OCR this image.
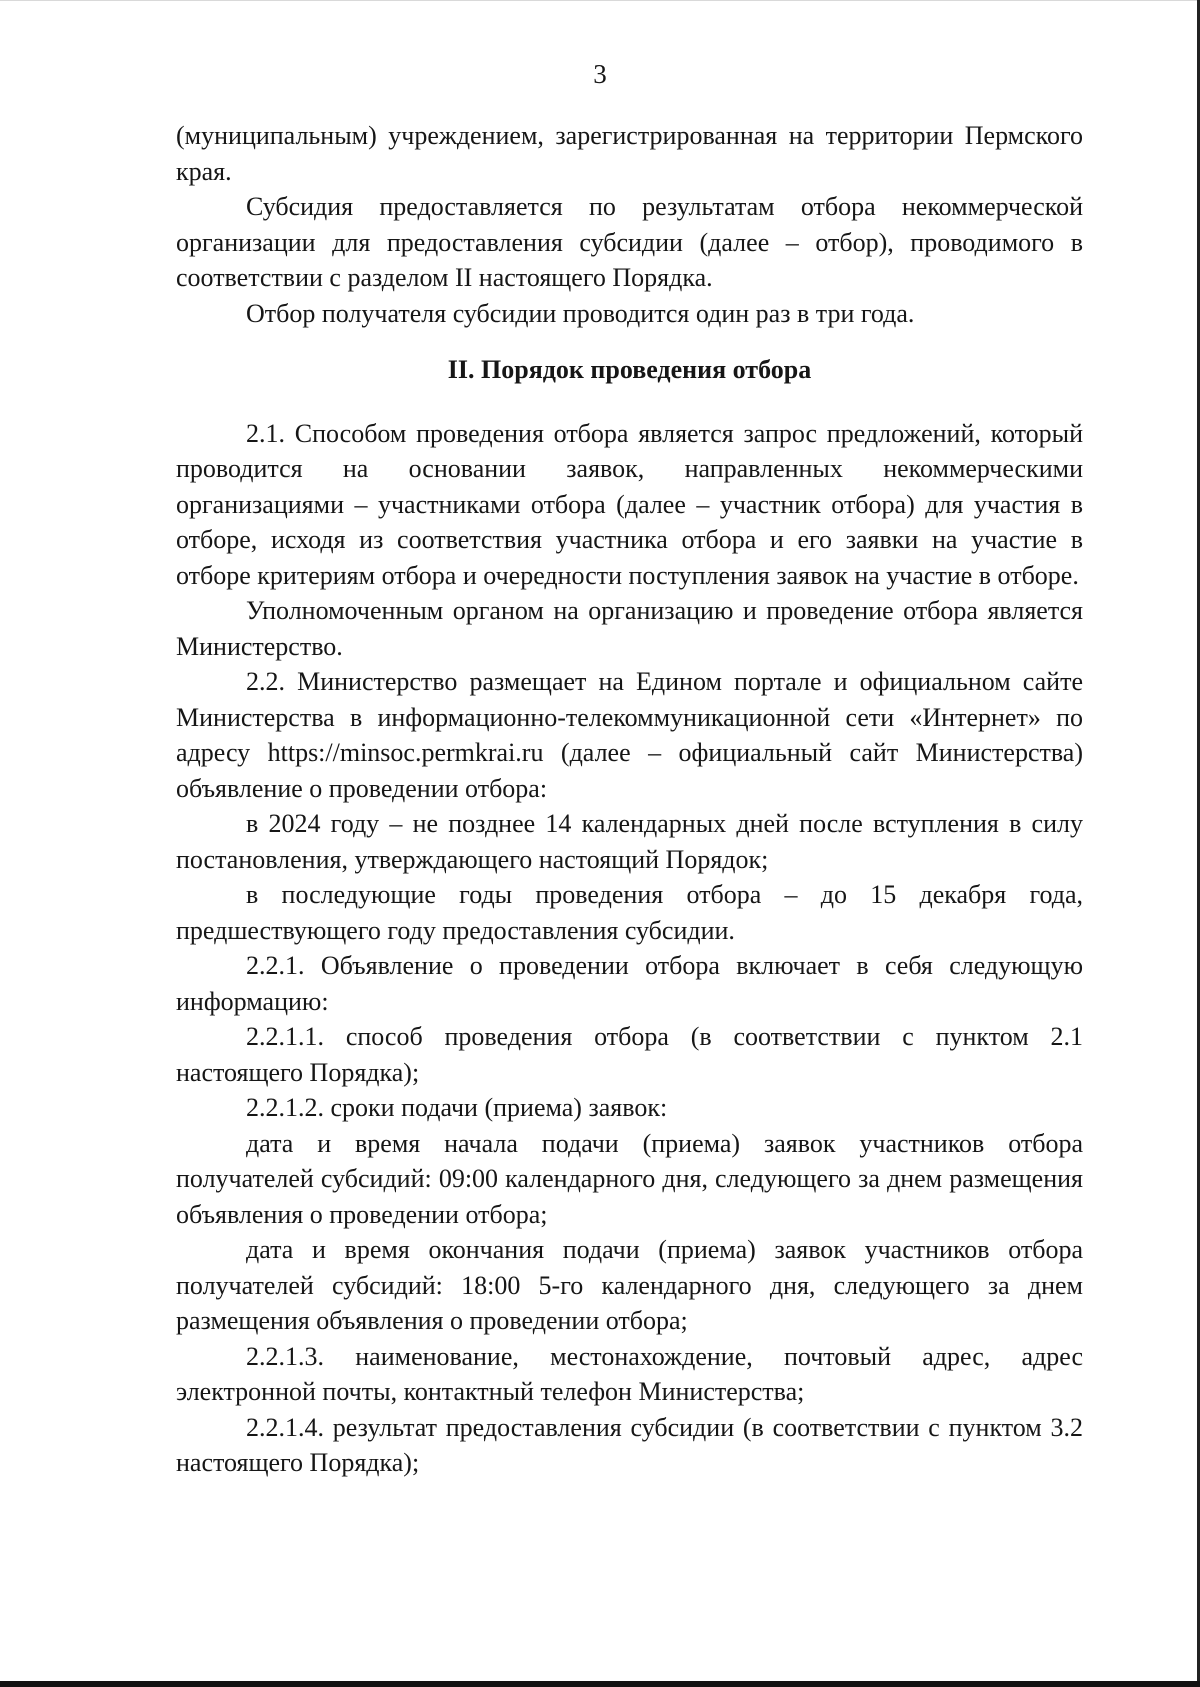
3

(муниципальным) учреждением, зарегистрированная на территории Пермского края.

Субсидия предоставляется по результатам отбора некоммерческой организации для предоставления субсидии (далее – отбор), проводимого в соответствии с разделом II настоящего Порядка.

Отбор получателя субсидии проводится один раз в три года.

II. Порядок проведения отбора

2.1. Способом проведения отбора является запрос предложений, который проводится на основании заявок, направленных некоммерческими организациями – участниками отбора (далее – участник отбора) для участия в отборе, исходя из соответствия участника отбора и его заявки на участие в отборе критериям отбора и очередности поступления заявок на участие в отборе.

Уполномоченным органом на организацию и проведение отбора является Министерство.

2.2. Министерство размещает на Едином портале и официальном сайте Министерства в информационно-телекоммуникационной сети «Интернет» по адресу https://minsoc.permkrai.ru (далее – официальный сайт Министерства) объявление о проведении отбора:

в 2024 году – не позднее 14 календарных дней после вступления в силу постановления, утверждающего настоящий Порядок;

в последующие годы проведения отбора – до 15 декабря года, предшествующего году предоставления субсидии.

2.2.1. Объявление о проведении отбора включает в себя следующую информацию:

2.2.1.1. способ проведения отбора (в соответствии с пунктом 2.1 настоящего Порядка);

2.2.1.2. сроки подачи (приема) заявок:

дата и время начала подачи (приема) заявок участников отбора получателей субсидий: 09:00 календарного дня, следующего за днем размещения объявления о проведении отбора;

дата и время окончания подачи (приема) заявок участников отбора получателей субсидий: 18:00 5-го календарного дня, следующего за днем размещения объявления о проведении отбора;

2.2.1.3. наименование, местонахождение, почтовый адрес, адрес электронной почты, контактный телефон Министерства;

2.2.1.4. результат предоставления субсидии (в соответствии с пунктом 3.2 настоящего Порядка);
